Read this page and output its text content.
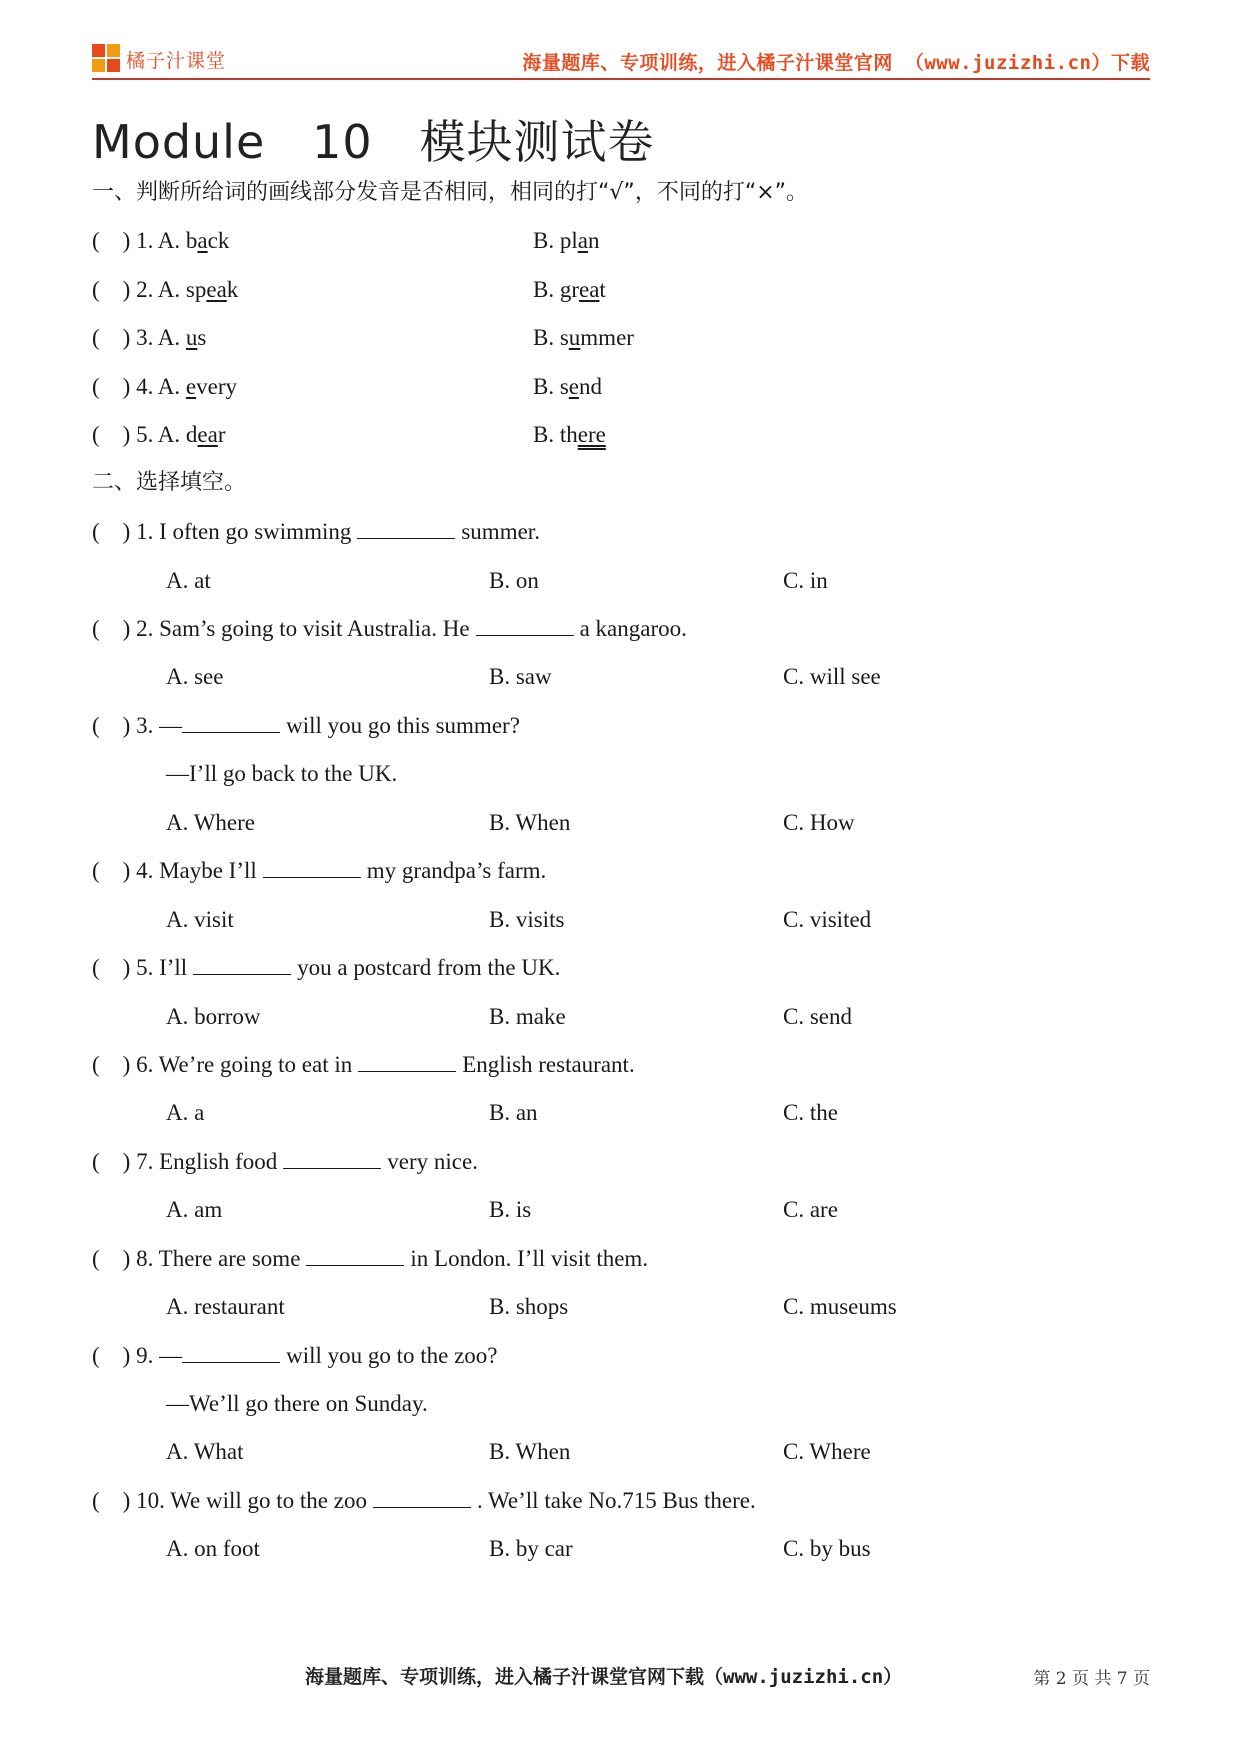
橘子汁课堂	海量题库、专项训练，进入橘子汁课堂官网 （www.juzizhi.cn）下载
Module   10   模块测试卷
一、判断所给词的画线部分发音是否相同，相同的打“√”，不同的打“×”。
(    ) 1. A. back	B. plan
(    ) 2. A. speak	B. great
(    ) 3. A. us	B. summer
(    ) 4. A. every	B. send
(    ) 5. A. dear	B. there
二、选择填空。
(    ) 1. I often go swimming	summer.
A. at	B. on	C. in
(    ) 2. Sam’s going to visit Australia. He	a kangaroo.
A. see	B. saw	C. will see
(    ) 3. —	will you go this summer?
—I’ll go back to the UK.
A. Where	B. When	C. How
(    ) 4. Maybe I’ll	my grandpa’s farm.
A. visit	B. visits	C. visited
(    ) 5. I’ll	you a postcard from the UK.
A. borrow	B. make	C. send
(    ) 6. We’re going to eat in	English restaurant.
A. a	B. an	C. the
(    ) 7. English food	very nice.
A. am	B. is	C. are
(    ) 8. There are some	in London. I’ll visit them.
A. restaurant	B. shops	C. museums
(    ) 9. —	will you go to the zoo?
—We’ll go there on Sunday.
A. What	B. When	C. Where
(    ) 10. We will go to the zoo	. We’ll take No.715 Bus there.
A. on foot	B. by car	C. by bus
海量题库、专项训练，进入橘子汁课堂官网下载（www.juzizhi.cn）	第 2 页 共 7 页
